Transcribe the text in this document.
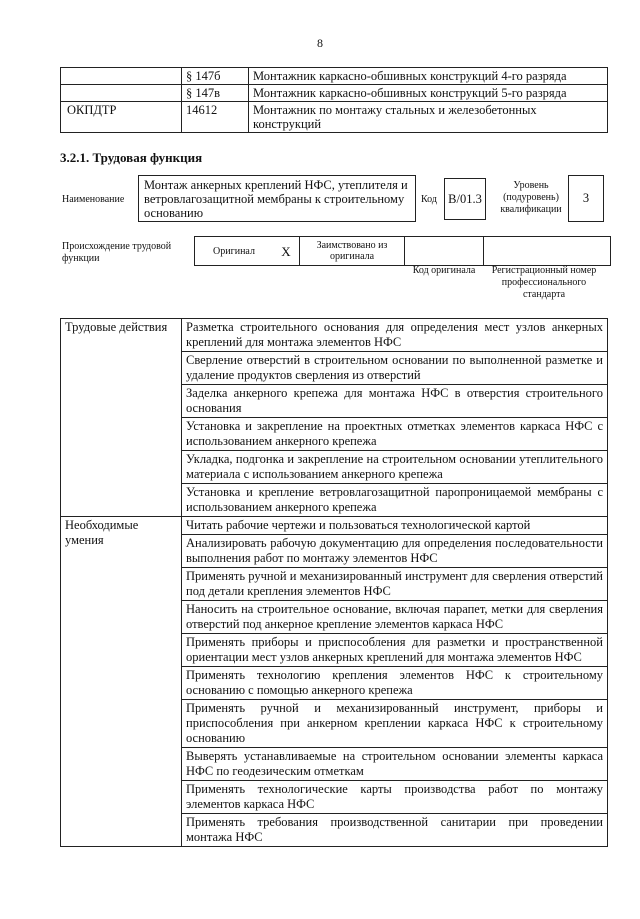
8
	§ 147б	Монтажник каркасно-обшивных конструкций 4-го разряда
	§ 147в	Монтажник каркасно-обшивных конструкций 5-го разряда
ОКПДТР	14612	Монтажник по монтажу стальных и железобетонных конструкций
3.2.1. Трудовая функция
Наименование
Монтаж анкерных креплений НФС, утеплителя и ветровлагозащитной мембраны к строительному основанию
Код В/01.3
Уровень (подуровень) квалификации
3
Происхождение трудовой функции
Оригинал	X	Заимствовано из оригинала		
Код оригинала	Регистрационный номер профессионального стандарта
Трудовые действия	Разметка строительного основания для определения мест узлов анкерных креплений для монтажа элементов НФС
	Сверление отверстий в строительном основании по выполненной разметке и удаление продуктов сверления из отверстий
	Заделка анкерного крепежа для монтажа НФС в отверстия строительного основания
	Установка и закрепление на проектных отметках элементов каркаса НФС с использованием анкерного крепежа
	Укладка, подгонка и закрепление на строительном основании утеплительного материала с использованием анкерного крепежа
	Установка и крепление ветровлагозащитной паропроницаемой мембраны с использованием анкерного крепежа
Необходимые умения	Читать рабочие чертежи и пользоваться технологической картой
	Анализировать рабочую документацию для определения последовательности выполнения работ по монтажу элементов НФС
	Применять ручной и механизированный инструмент для сверления отверстий под детали крепления элементов НФС
	Наносить на строительное основание, включая парапет, метки для сверления отверстий под анкерное крепление элементов каркаса НФС
	Применять приборы и приспособления для разметки и пространственной ориентации мест узлов анкерных креплений для монтажа элементов НФС
	Применять технологию крепления элементов НФС к строительному основанию с помощью анкерного крепежа
	Применять ручной и механизированный инструмент, приборы и приспособления при анкерном креплении каркаса НФС к строительному основанию
	Выверять устанавливаемые на строительном основании элементы каркаса НФС по геодезическим отметкам
	Применять технологические карты производства работ по монтажу элементов каркаса НФС
	Применять требования производственной санитарии при проведении монтажа НФС
